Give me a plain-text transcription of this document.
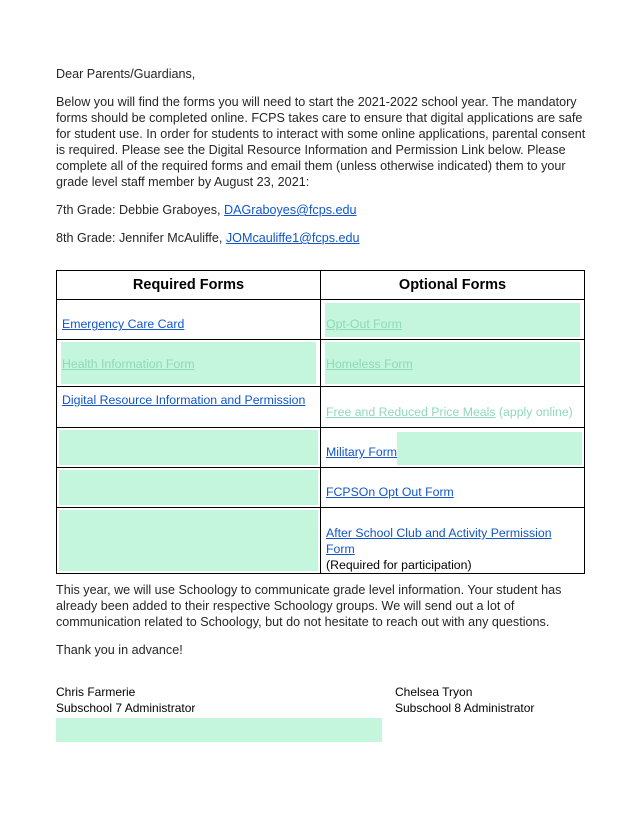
Dear Parents/Guardians,

Below you will find the forms you will need to start the 2021-2022 school year. The mandatory forms should be completed online. FCPS takes care to ensure that digital applications are safe for student use. In order for students to interact with some online applications, parental consent is required. Please see the Digital Resource Information and Permission Link below. Please complete all of the required forms and email them (unless otherwise indicated) them to your grade level staff member by August 23, 2021:

7th Grade: Debbie Graboyes, DAGraboyes@fcps.edu

8th Grade: Jennifer McAuliffe, JOMcauliffe1@fcps.edu

Required Forms	Optional Forms

Emergency Care Card	Opt-Out Form

Health Information Form	Homeless Form

Digital Resource Information and Permission	Free and Reduced Price Meals (apply online)

	Military Form

	FCPSOn Opt Out Form

	After School Club and Activity Permission Form
(Required for participation)

This year, we will use Schoology to communicate grade level information. Your student has already been added to their respective Schoology groups. We will send out a lot of communication related to Schoology, but do not hesitate to reach out with any questions.

Thank you in advance!

Chris Farmerie
Subschool 7 Administrator
Chelsea Tryon
Subschool 8 Administrator
